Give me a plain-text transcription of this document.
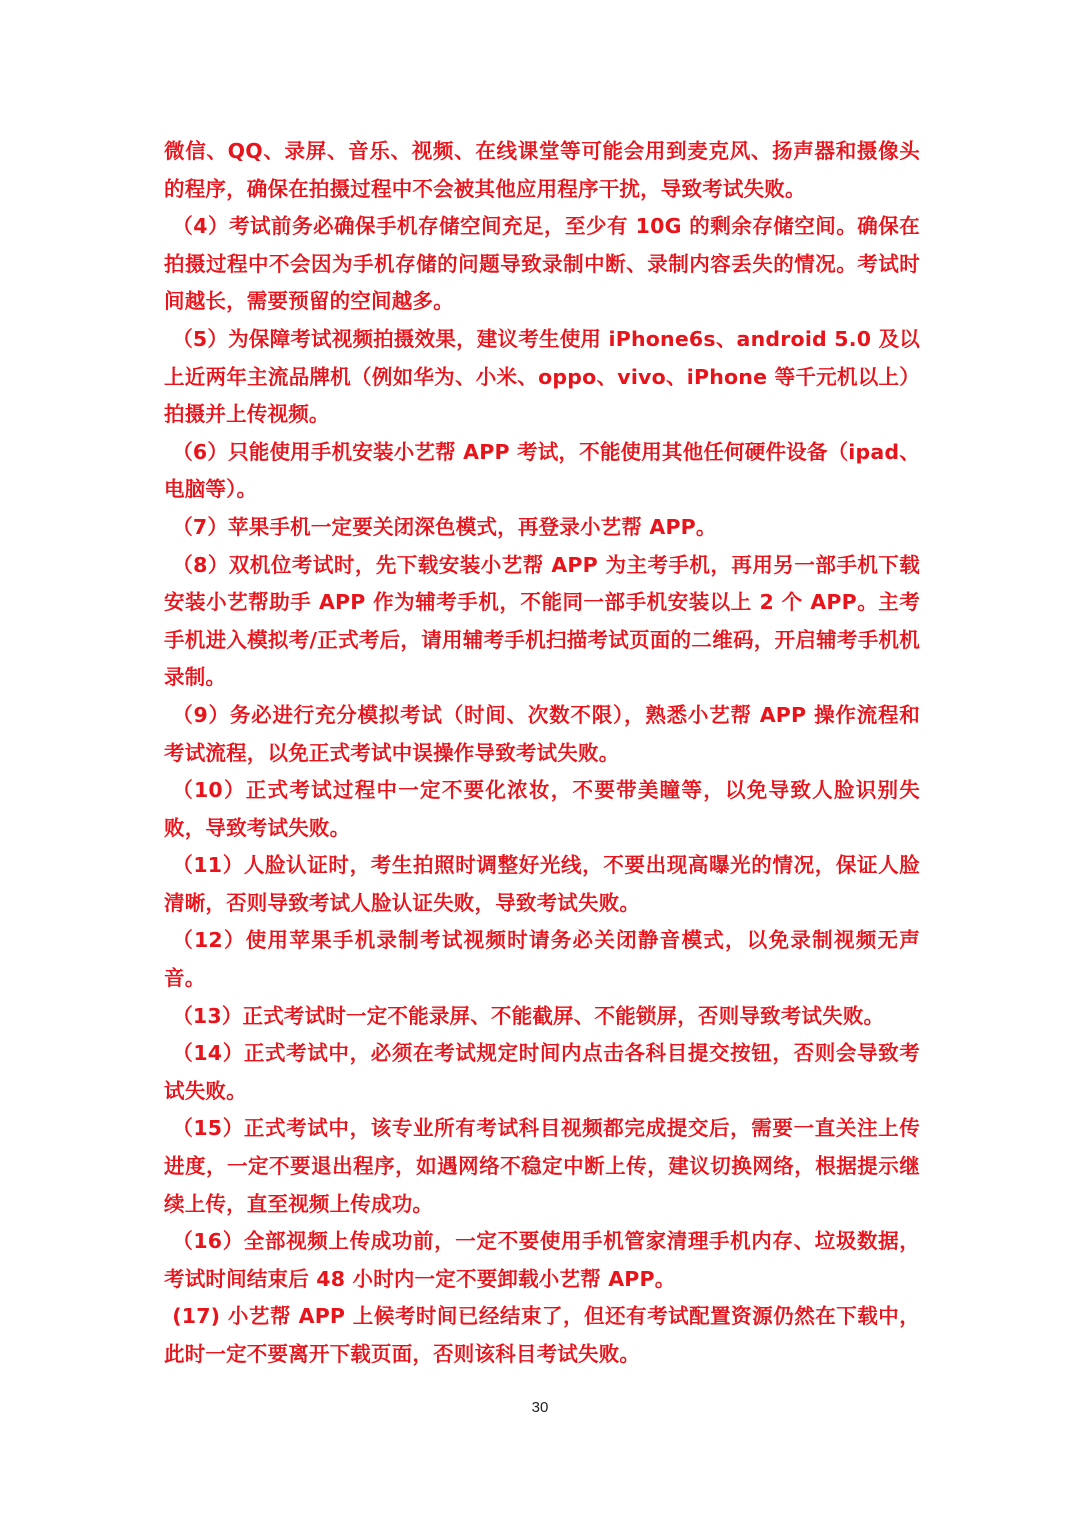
微信、QQ、录屏、音乐、视频、在线课堂等可能会用到麦克风、扬声器和摄像头的程序，确保在拍摄过程中不会被其他应用程序干扰，导致考试失败。

（4）考试前务必确保手机存储空间充足，至少有 10G 的剩余存储空间。确保在拍摄过程中不会因为手机存储的问题导致录制中断、录制内容丢失的情况。考试时间越长，需要预留的空间越多。

（5）为保障考试视频拍摄效果，建议考生使用 iPhone6s、android 5.0 及以上近两年主流品牌机（例如华为、小米、oppo、vivo、iPhone 等千元机以上）拍摄并上传视频。

（6）只能使用手机安装小艺帮 APP 考试，不能使用其他任何硬件设备（ipad、电脑等）。

（7）苹果手机一定要关闭深色模式，再登录小艺帮 APP。

（8）双机位考试时，先下载安装小艺帮 APP 为主考手机，再用另一部手机下载安装小艺帮助手 APP 作为辅考手机，不能同一部手机安装以上 2 个 APP。主考手机进入模拟考/正式考后，请用辅考手机扫描考试页面的二维码，开启辅考手机机录制。

（9）务必进行充分模拟考试（时间、次数不限），熟悉小艺帮 APP 操作流程和考试流程，以免正式考试中误操作导致考试失败。

（10）正式考试过程中一定不要化浓妆，不要带美瞳等，以免导致人脸识别失败，导致考试失败。

（11）人脸认证时，考生拍照时调整好光线，不要出现高曝光的情况，保证人脸清晰，否则导致考试人脸认证失败，导致考试失败。

（12）使用苹果手机录制考试视频时请务必关闭静音模式，以免录制视频无声音。

（13）正式考试时一定不能录屏、不能截屏、不能锁屏，否则导致考试失败。

（14）正式考试中，必须在考试规定时间内点击各科目提交按钮，否则会导致考试失败。

（15）正式考试中，该专业所有考试科目视频都完成提交后，需要一直关注上传进度，一定不要退出程序，如遇网络不稳定中断上传，建议切换网络，根据提示继续上传，直至视频上传成功。

（16）全部视频上传成功前，一定不要使用手机管家清理手机内存、垃圾数据，考试时间结束后 48 小时内一定不要卸载小艺帮 APP。

(17) 小艺帮 APP 上候考时间已经结束了，但还有考试配置资源仍然在下载中，此时一定不要离开下载页面，否则该科目考试失败。

30
